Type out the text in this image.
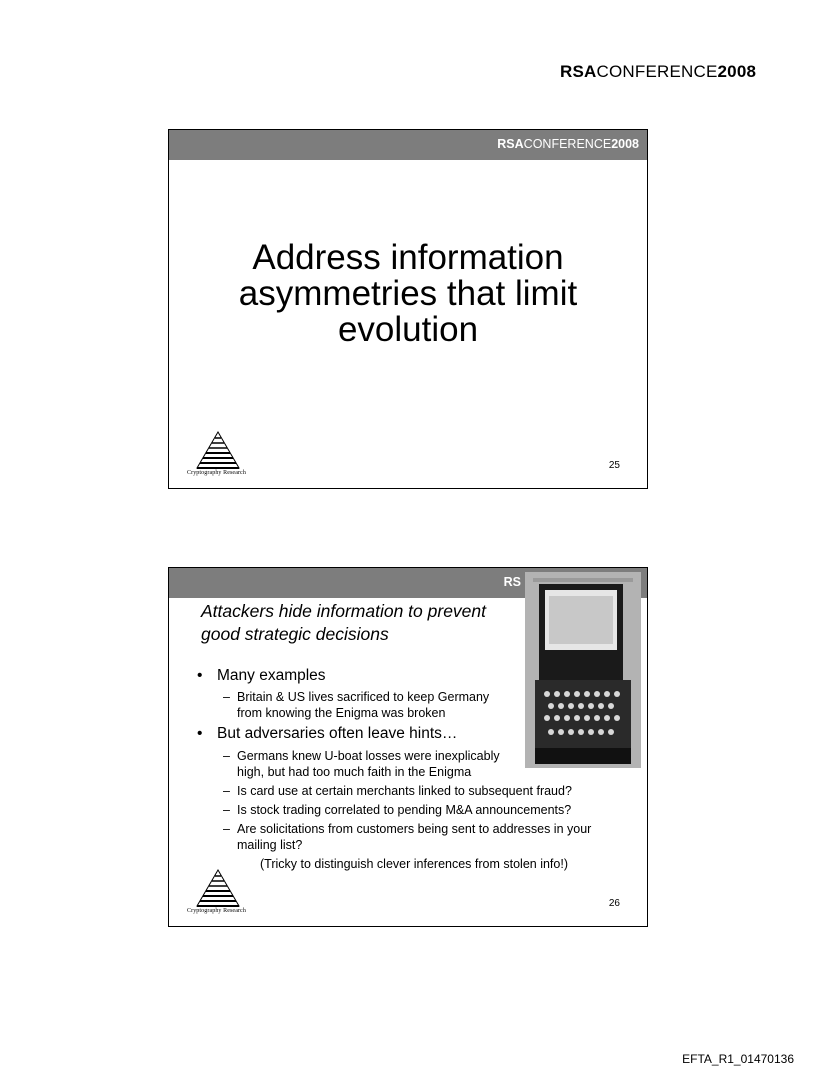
RSACONFERENCE2008
RSACONFERENCE2008
Address information
asymmetries that limit
evolution
Cryptography Research
25
RS
Attackers hide information to prevent
good strategic decisions
• Many examples
– Britain & US lives sacrificed to keep Germany
from knowing the Enigma was broken
• But adversaries often leave hints…
– Germans knew U-boat losses were inexplicably
high, but had too much faith in the Enigma
– Is card use at certain merchants linked to subsequent fraud?
– Is stock trading correlated to pending M&A announcements?
– Are solicitations from customers being sent to addresses in your
mailing list?
(Tricky to distinguish clever inferences from stolen info!)
Cryptography Research
26
EFTA_R1_01470136
